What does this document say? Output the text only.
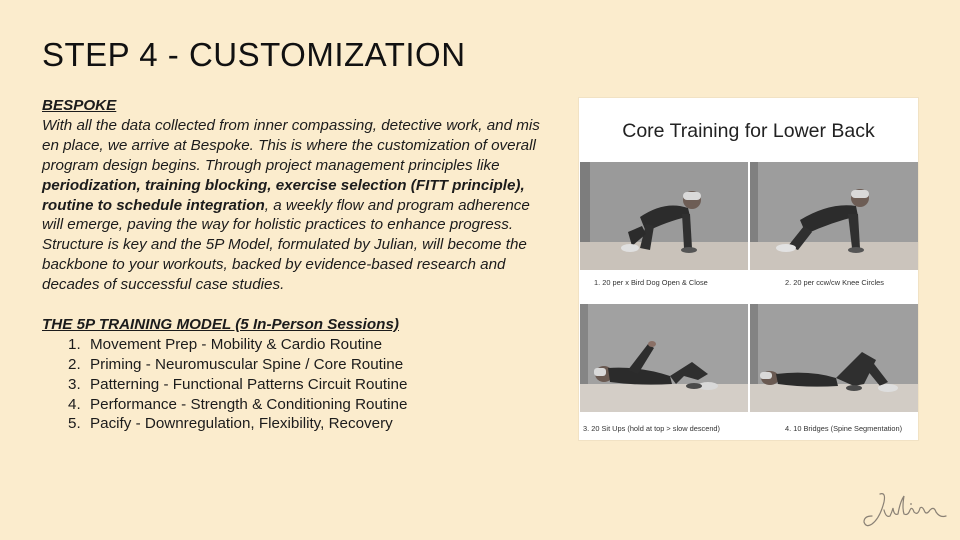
STEP 4 - CUSTOMIZATION
BESPOKE

With all the data collected from inner compassing, detective work, and mis en place, we arrive at Bespoke. This is where the customization of overall program design begins. Through project management principles like periodization, training blocking, exercise selection (FITT principle), routine to schedule integration, a weekly flow and program adherence will emerge, paving the way for holistic practices to enhance progress. Structure is key and the 5P Model, formulated by Julian, will become the backbone to your workouts, backed by evidence-based research and decades of successful case studies.

THE 5P TRAINING MODEL (5 In-Person Sessions)
1. Movement Prep - Mobility & Cardio Routine
2. Priming - Neuromuscular Spine / Core Routine
3. Patterning - Functional Patterns Circuit Routine
4. Performance - Strength & Conditioning Routine
5. Pacify - Downregulation, Flexibility, Recovery
Core Training for Lower Back
1. 20 per x Bird Dog Open & Close	2. 20 per ccw/cw Knee Circles
3. 20 Sit Ups (hold at top > slow descend)	4. 10 Bridges (Spine Segmentation)
